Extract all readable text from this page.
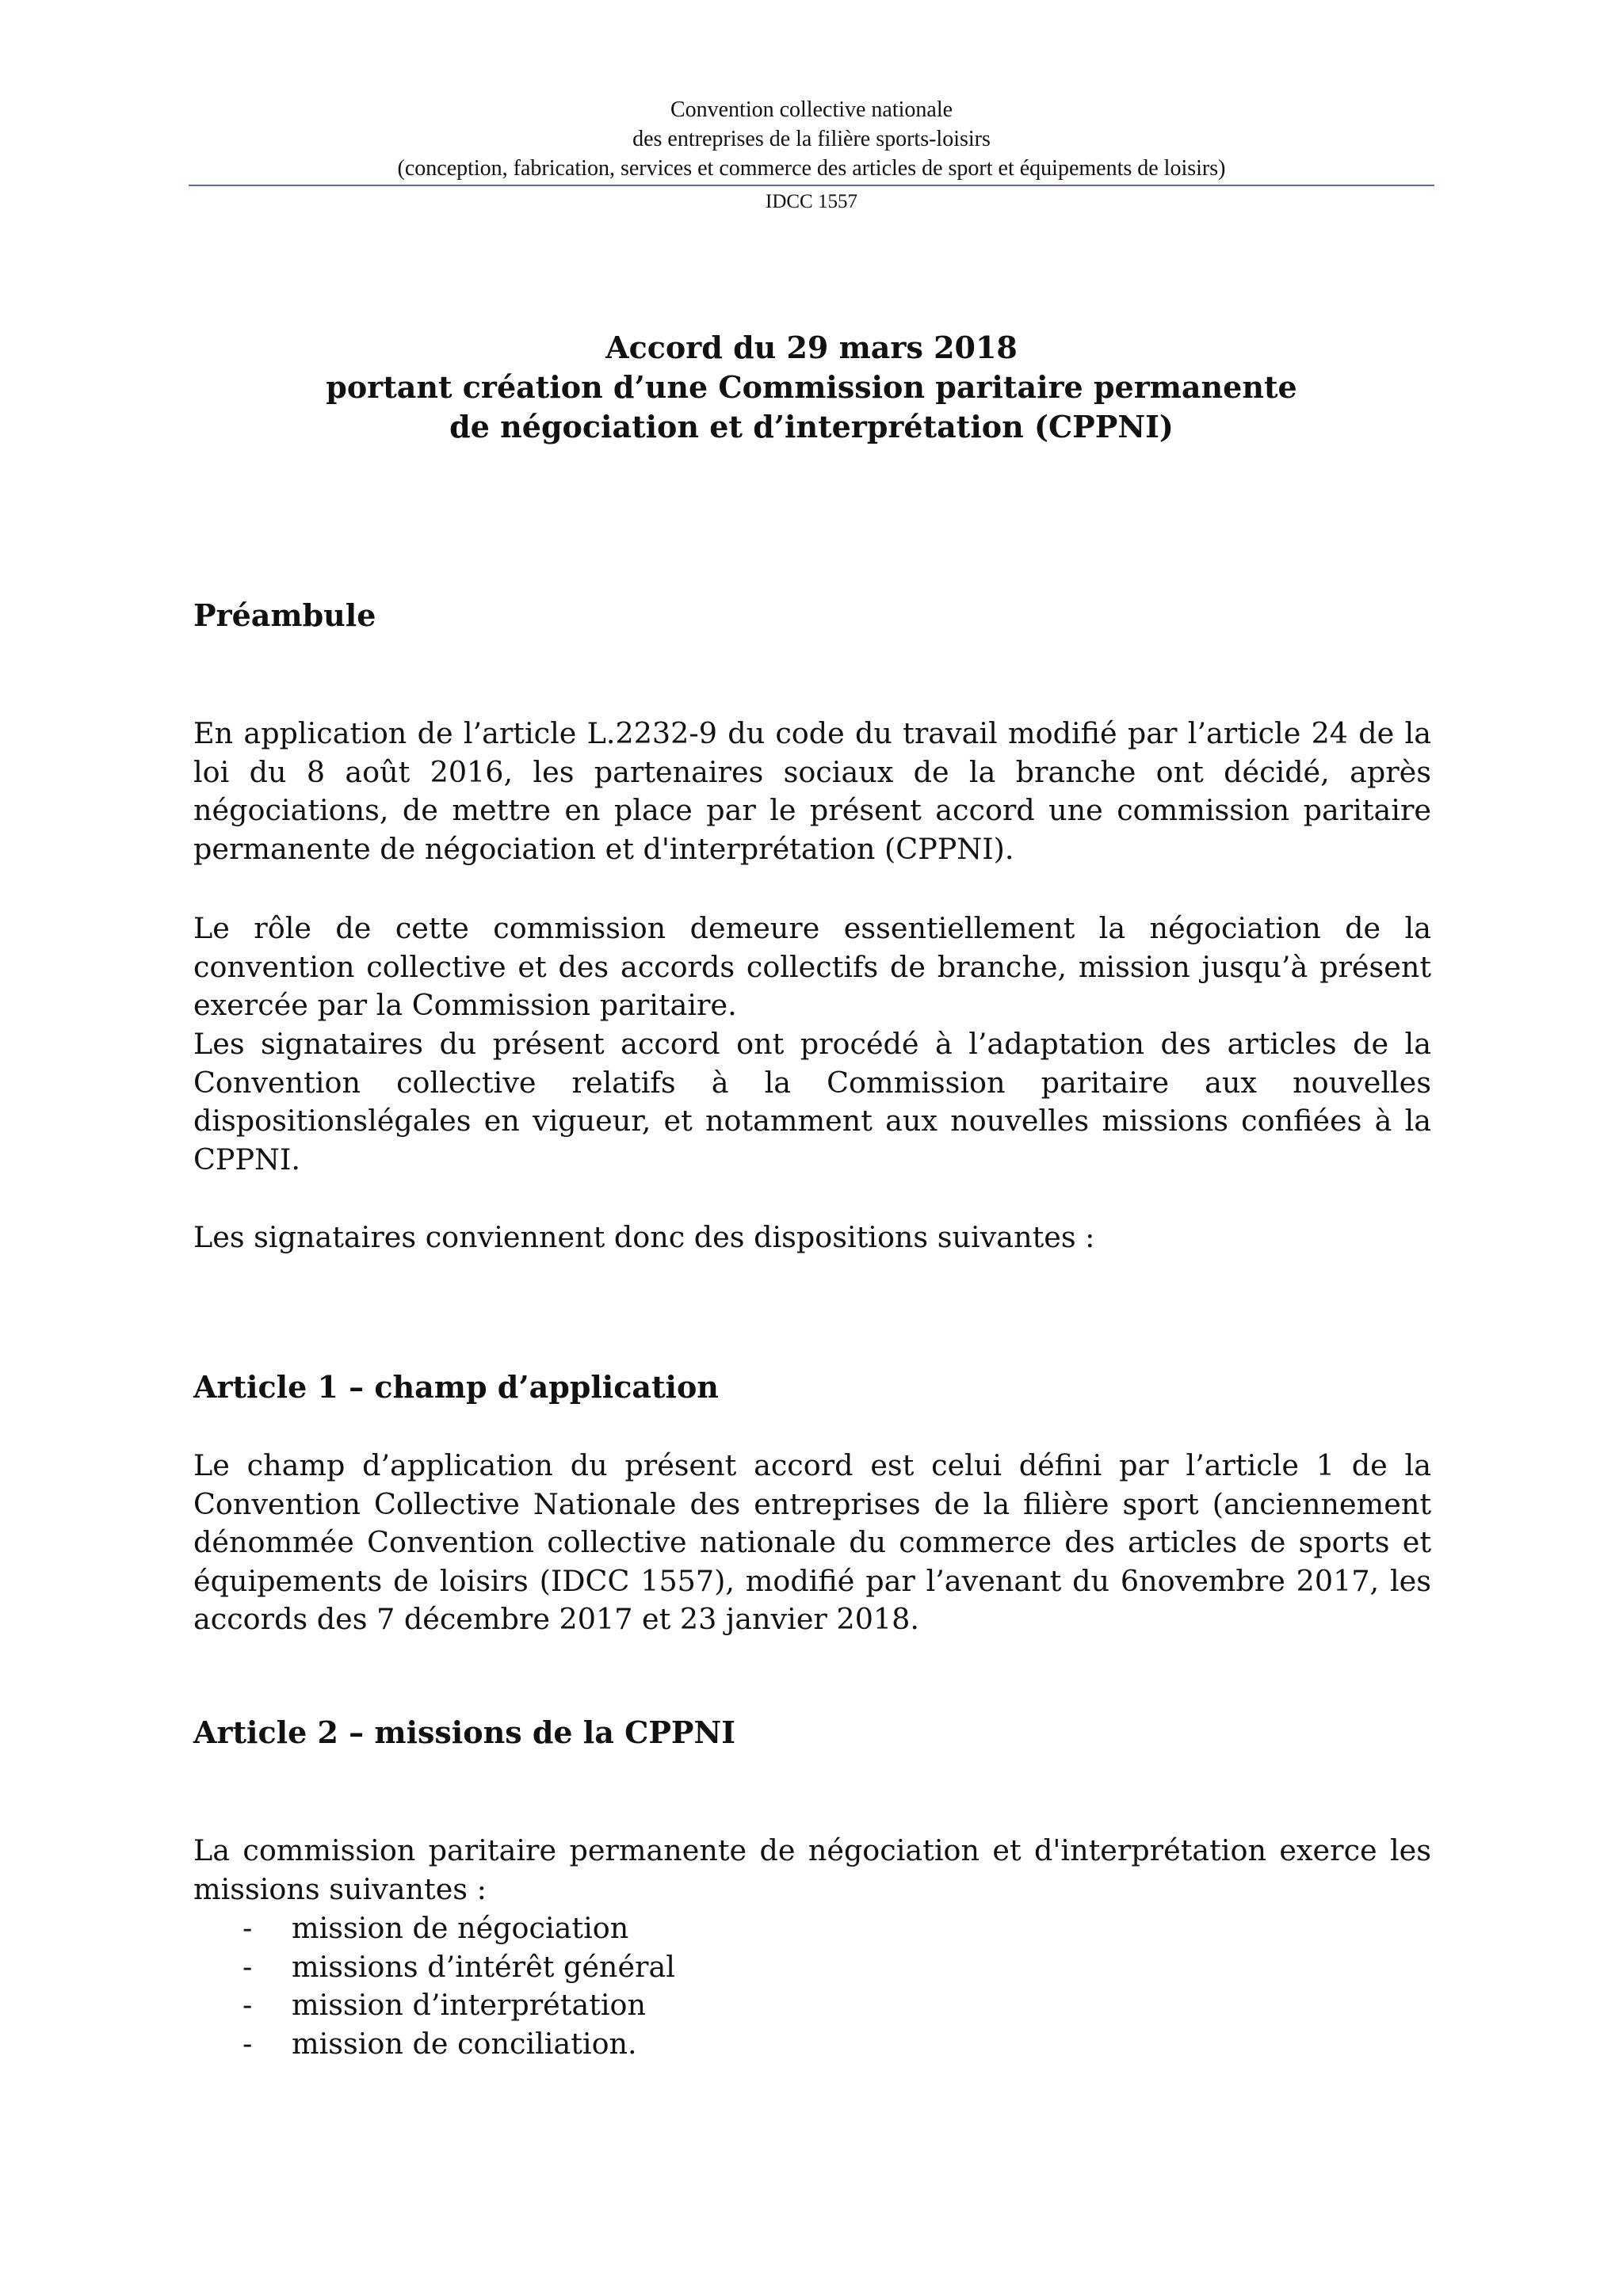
Convention collective nationale
des entreprises de la filière sports-loisirs
(conception, fabrication, services et commerce des articles de sport et équipements de loisirs)
IDCC 1557
Accord du 29 mars 2018
portant création d’une Commission paritaire permanente
de négociation et d’interprétation (CPPNI)
Préambule

En application de l’article L.2232-9 du code du travail modifié par l’article 24 de la loi du 8 août 2016, les partenaires sociaux de la branche ont décidé, après négociations, de mettre en place par le présent accord une commission paritaire permanente de négociation et d'interprétation (CPPNI).

Le rôle de cette commission demeure essentiellement la négociation de la convention collective et des accords collectifs de branche, mission jusqu’à présent exercée par la Commission paritaire.

Les signataires du présent accord ont procédé à l’adaptation des articles de la Convention collective relatifs à la Commission paritaire aux nouvelles dispositionslégales en vigueur, et notamment aux nouvelles missions confiées à la CPPNI.

Les signataires conviennent donc des dispositions suivantes :

Article 1 – champ d’application

Le champ d’application du présent accord est celui défini par l’article 1 de la Convention Collective Nationale des entreprises de la filière sport (anciennement dénommée Convention collective nationale du commerce des articles de sports et équipements de loisirs (IDCC 1557), modifié par l’avenant du 6novembre 2017, les accords des 7 décembre 2017 et 23 janvier 2018.

Article 2 – missions de la CPPNI

La commission paritaire permanente de négociation et d'interprétation exerce les missions suivantes :

- mission de négociation
- missions d’intérêt général
- mission d’interprétation
- mission de conciliation.
